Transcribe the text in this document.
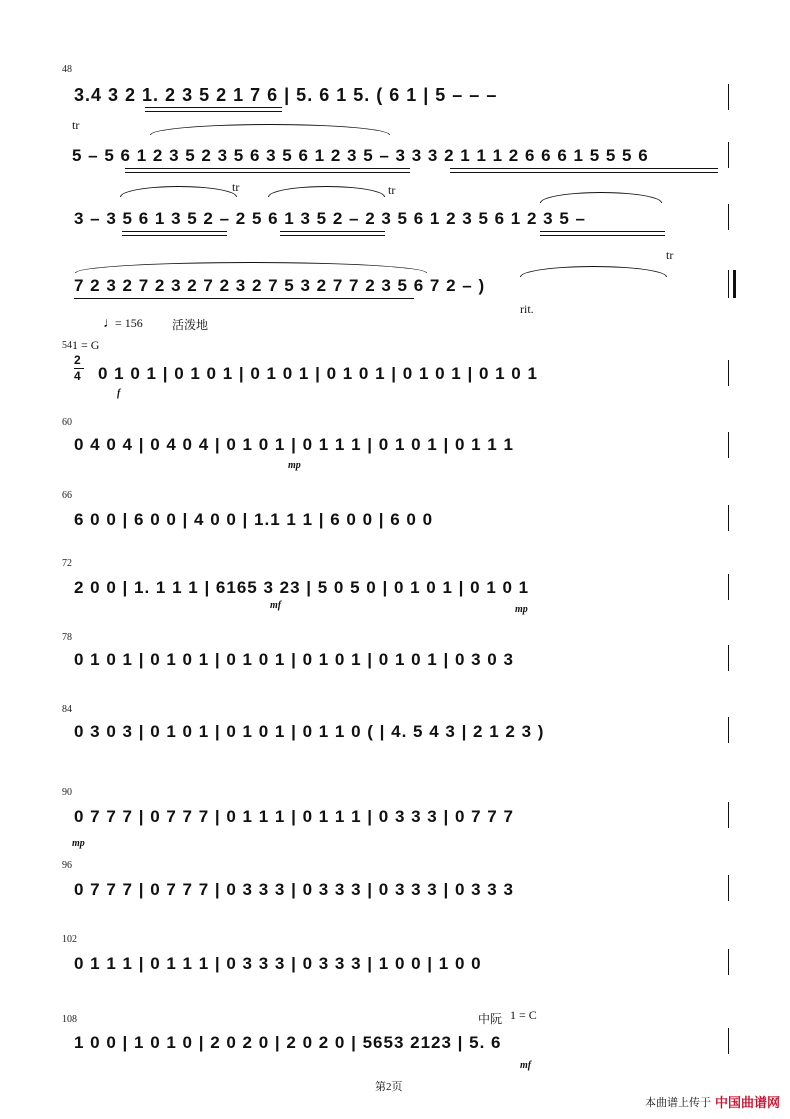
48
3.4 3 2 1. 2 3 5 2 1 7 6 | 5. 6 1 5. ( 6 1 | 5 – – –
tr
5 – 5 6 1 2 3 5 2 3 5 6 3 5 6 1 2 3 5 – 3 3 3 2 1 1 1 2 6 6 6 1 5 5 5 6
tr	tr
3 – 3 5 6 1 3 5 2 – 2 5 6 1 3 5 2 – 2 3 5 6 1 2 3 5 6 1 2 3 5 –
tr
7 2 3 2 7 2 3 2 7 2 3 2 7 5 3 2 7 7 2 3 5 6 7 2 – )
rit.
♩
= 156 活泼地
1 = G
54
2
4 0 1 0 1 | 0 1 0 1 | 0 1 0 1 | 0 1 0 1 | 0 1 0 1 | 0 1 0 1
f
60
0 4 0 4 | 0 4 0 4 | 0 1 0 1 | 0 1 1 1 | 0 1 0 1 | 0 1 1 1
mp
66
6 0 0 | 6 0 0 | 4 0 0 | 1.1 1 1 | 6 0 0 | 6 0 0
72
2 0 0 | 1. 1 1 1 | 6165 3 23 | 5 0 5 0 | 0 1 0 1 | 0 1 0 1
mf	mp
78
0 1 0 1 | 0 1 0 1 | 0 1 0 1 | 0 1 0 1 | 0 1 0 1 | 0 3 0 3
84
0 3 0 3 | 0 1 0 1 | 0 1 0 1 | 0 1 1 0 ( | 4. 5 4 3 | 2 1 2 3 )
90
0 7 7 7 | 0 7 7 7 | 0 1 1 1 | 0 1 1 1 | 0 3 3 3 | 0 7 7 7
mp
96
0 7 7 7 | 0 7 7 7 | 0 3 3 3 | 0 3 3 3 | 0 3 3 3 | 0 3 3 3
102
0 1 1 1 | 0 1 1 1 | 0 3 3 3 | 0 3 3 3 | 1 0 0 | 1 0 0
108	中阮 1 = C
1 0 0 | 1 0 1 0 | 2 0 2 0 | 2 0 2 0 | 5653 2123 | 5. 6
mf
第2页
本曲谱上传于 中国曲谱网
